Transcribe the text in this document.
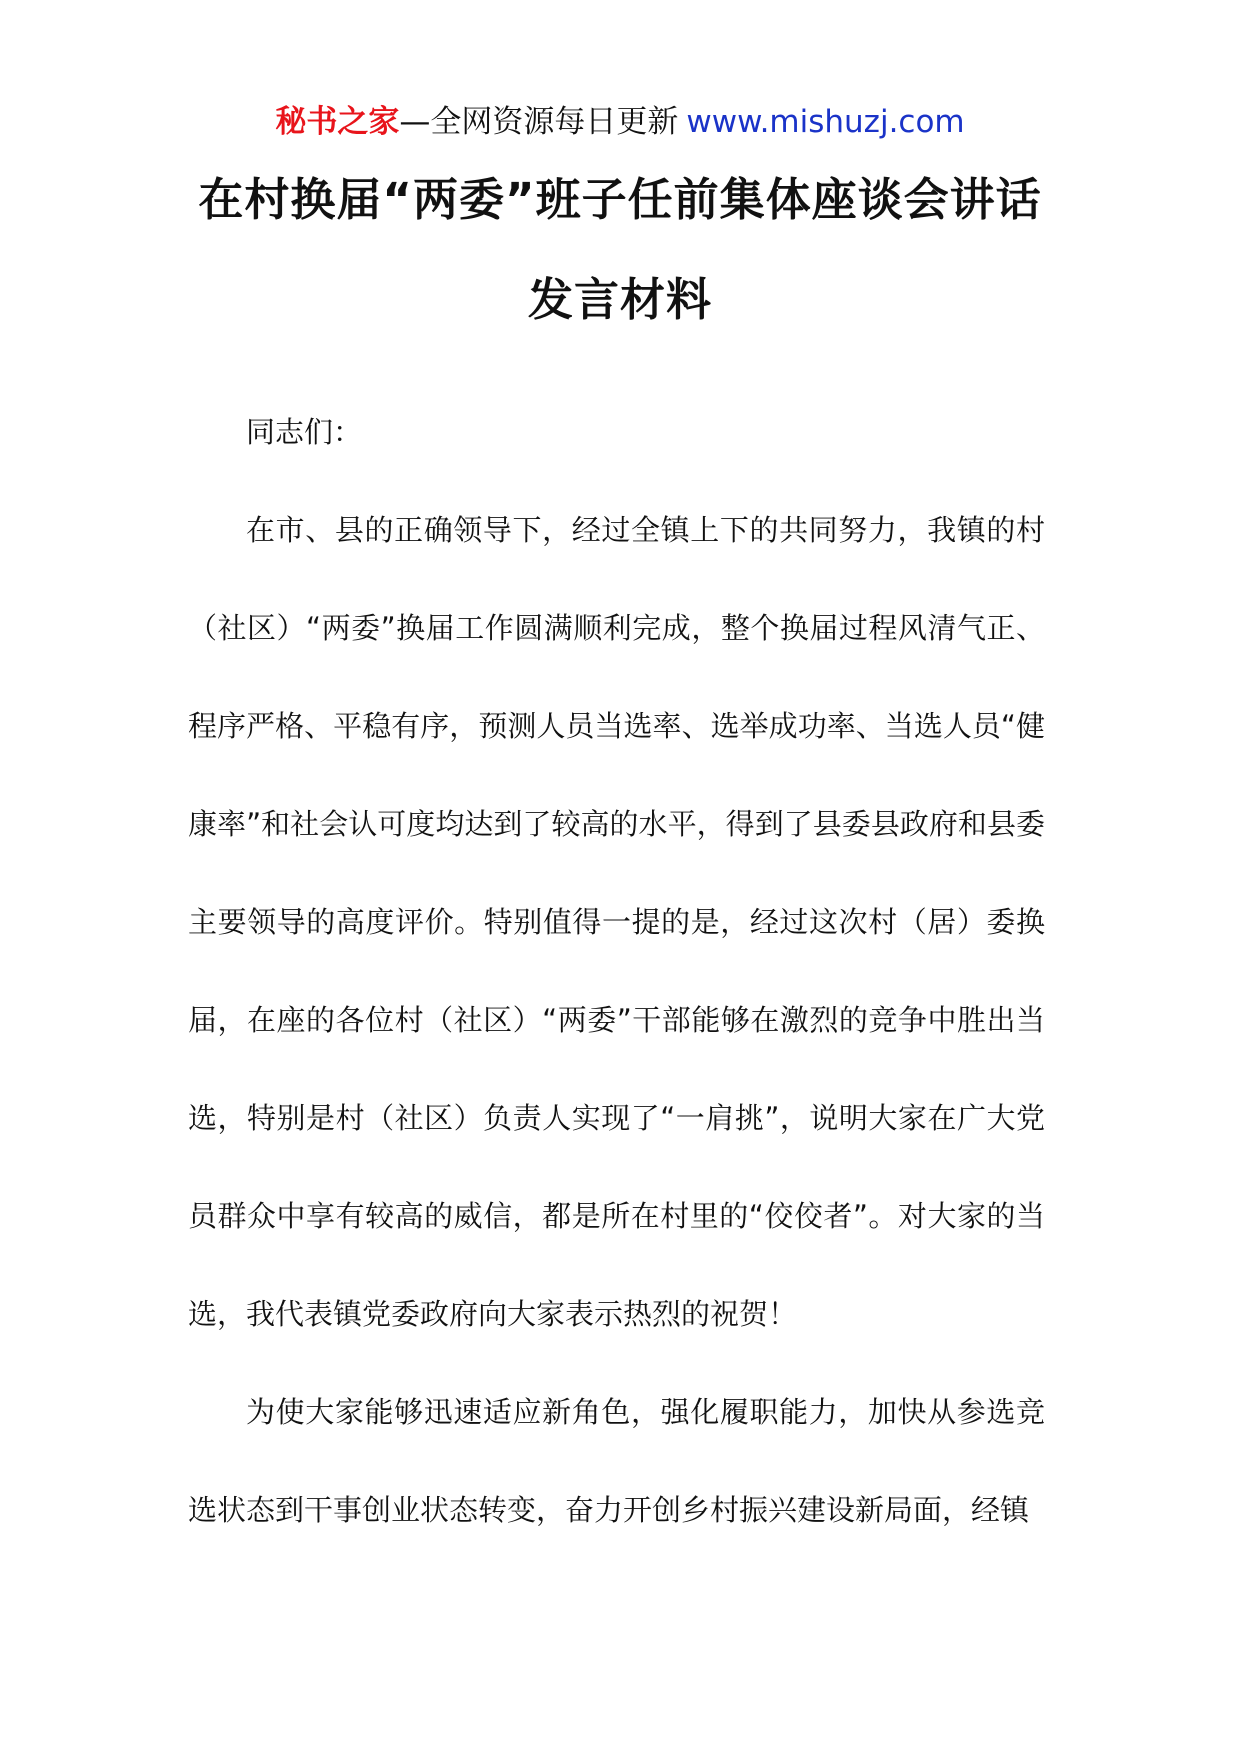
秘书之家—全网资源每日更新 www.mishuzj.com
在村换届“两委”班子任前集体座谈会讲话发言材料

同志们：

在市、县的正确领导下，经过全镇上下的共同努力，我镇的村（社区）“两委”换届工作圆满顺利完成，整个换届过程风清气正、程序严格、平稳有序，预测人员当选率、选举成功率、当选人员“健康率”和社会认可度均达到了较高的水平，得到了县委县政府和县委主要领导的高度评价。特别值得一提的是，经过这次村（居）委换届，在座的各位村（社区）“两委”干部能够在激烈的竞争中胜出当选，特别是村（社区）负责人实现了“一肩挑”，说明大家在广大党员群众中享有较高的威信，都是所在村里的“佼佼者”。对大家的当选，我代表镇党委政府向大家表示热烈的祝贺！

为使大家能够迅速适应新角色，强化履职能力，加快从参选竞选状态到干事创业状态转变，奋力开创乡村振兴建设新局面，经镇
